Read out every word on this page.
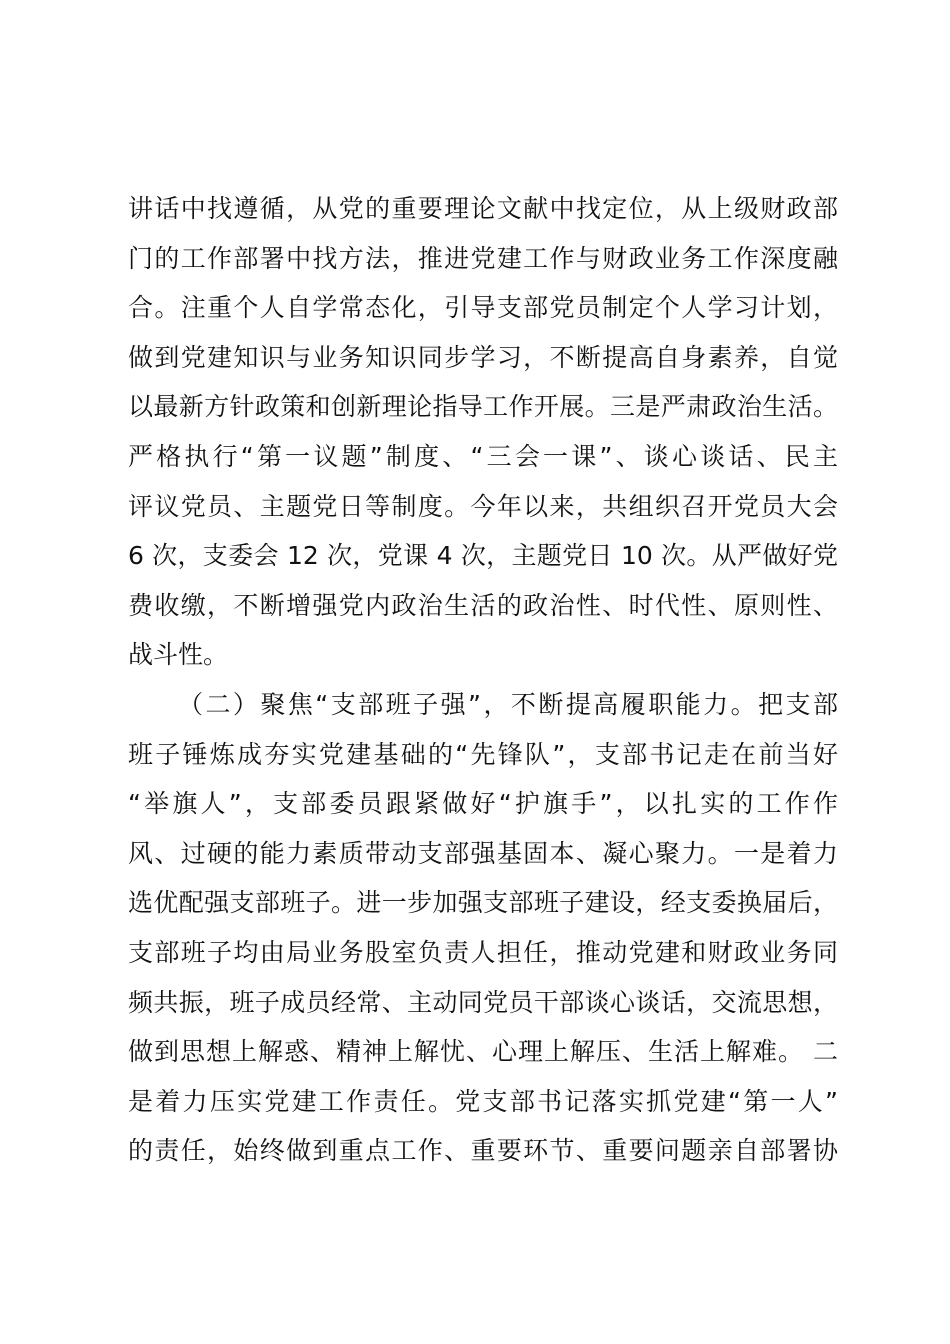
讲话中找遵循，从党的重要理论文献中找定位，从上级财政部
门的工作部署中找方法，推进党建工作与财政业务工作深度融
合。注重个人自学常态化，引导支部党员制定个人学习计划，
做到党建知识与业务知识同步学习，不断提高自身素养，自觉
以最新方针政策和创新理论指导工作开展。三是严肃政治生活。
严格执行“第一议题”制度、“三会一课”、谈心谈话、民主
评议党员、主题党日等制度。今年以来，共组织召开党员大会
6 次，支委会 12 次，党课 4 次，主题党日 10 次。从严做好党
费收缴，不断增强党内政治生活的政治性、时代性、原则性、
战斗性。
（二）聚焦“支部班子强”，不断提高履职能力。把支部
班子锤炼成夯实党建基础的“先锋队”，支部书记走在前当好
“举旗人”，支部委员跟紧做好“护旗手”，以扎实的工作作
风、过硬的能力素质带动支部强基固本、凝心聚力。一是着力
选优配强支部班子。进一步加强支部班子建设，经支委换届后，
支部班子均由局业务股室负责人担任，推动党建和财政业务同
频共振，班子成员经常、主动同党员干部谈心谈话，交流思想，
做到思想上解惑、精神上解忧、心理上解压、生活上解难。 二
是着力压实党建工作责任。党支部书记落实抓党建“第一人”
的责任，始终做到重点工作、重要环节、重要问题亲自部署协
